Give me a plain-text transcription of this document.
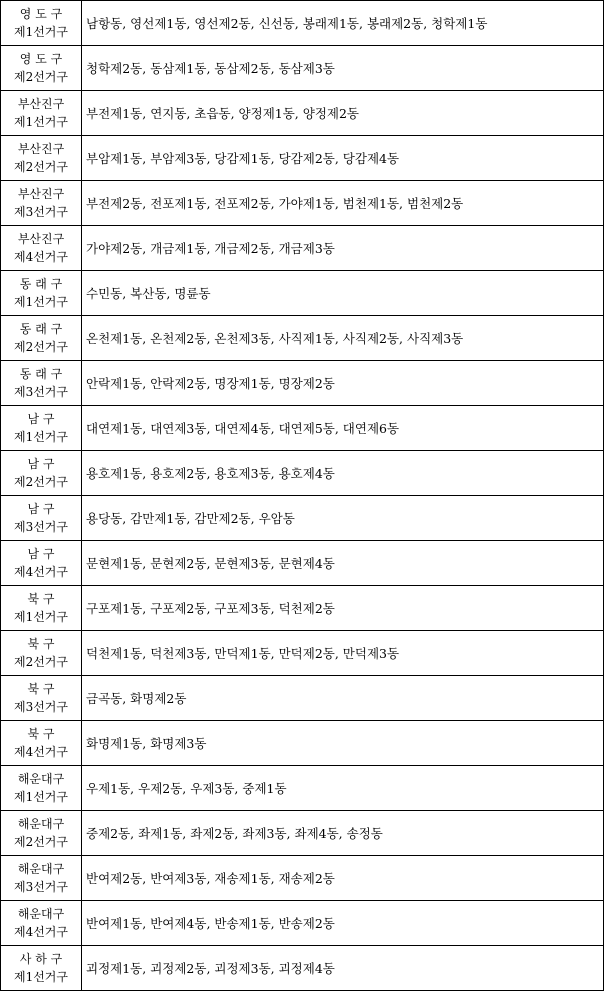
영 도 구
제1선거구	남항동, 영선제1동, 영선제2동, 신선동, 봉래제1동, 봉래제2동, 청학제1동

영 도 구
제2선거구	청학제2동, 동삼제1동, 동삼제2동, 동삼제3동

부산진구
제1선거구	부전제1동, 연지동, 초읍동, 양정제1동, 양정제2동

부산진구
제2선거구	부암제1동, 부암제3동, 당감제1동, 당감제2동, 당감제4동

부산진구
제3선거구	부전제2동, 전포제1동, 전포제2동, 가야제1동, 범천제1동, 범천제2동

부산진구
제4선거구	가야제2동, 개금제1동, 개금제2동, 개금제3동

동 래 구
제1선거구	수민동, 복산동, 명륜동

동 래 구
제2선거구	온천제1동, 온천제2동, 온천제3동, 사직제1동, 사직제2동, 사직제3동

동 래 구
제3선거구	안락제1동, 안락제2동, 명장제1동, 명장제2동

남 구
제1선거구	대연제1동, 대연제3동, 대연제4동, 대연제5동, 대연제6동

남 구
제2선거구	용호제1동, 용호제2동, 용호제3동, 용호제4동

남 구
제3선거구	용당동, 감만제1동, 감만제2동, 우암동

남 구
제4선거구	문현제1동, 문현제2동, 문현제3동, 문현제4동

북 구
제1선거구	구포제1동, 구포제2동, 구포제3동, 덕천제2동

북 구
제2선거구	덕천제1동, 덕천제3동, 만덕제1동, 만덕제2동, 만덕제3동

북 구
제3선거구	금곡동, 화명제2동

북 구
제4선거구	화명제1동, 화명제3동

해운대구
제1선거구	우제1동, 우제2동, 우제3동, 중제1동

해운대구
제2선거구	중제2동, 좌제1동, 좌제2동, 좌제3동, 좌제4동, 송정동

해운대구
제3선거구	반여제2동, 반여제3동, 재송제1동, 재송제2동

해운대구
제4선거구	반여제1동, 반여제4동, 반송제1동, 반송제2동

사 하 구
제1선거구	괴정제1동, 괴정제2동, 괴정제3동, 괴정제4동
